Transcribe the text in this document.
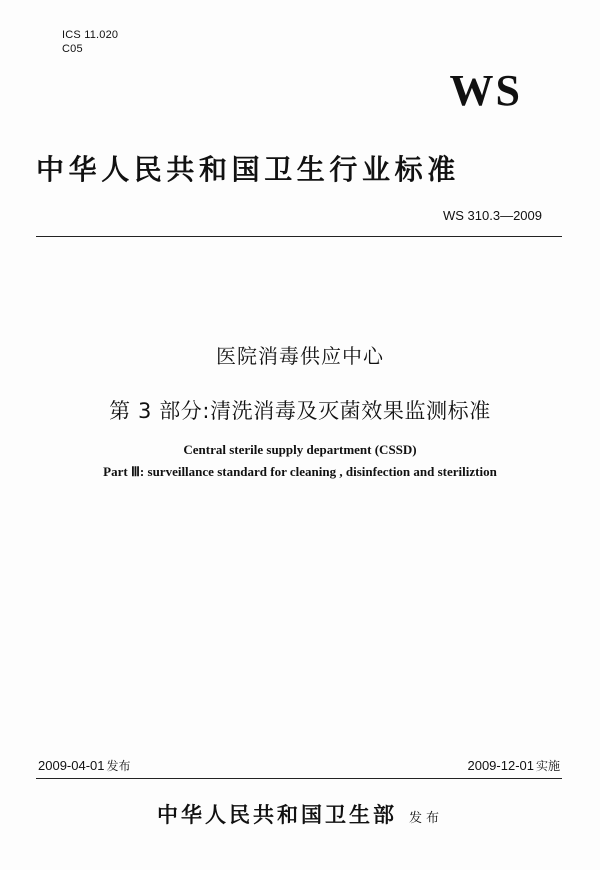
ICS 11.020
C05
WS
中华人民共和国卫生行业标准
WS 310.3—2009
医院消毒供应中心
第 3 部分:清洗消毒及灭菌效果监测标准
Central sterile supply department (CSSD)
Part Ⅲ: surveillance standard for cleaning , disinfection and steriliztion
2009-04-01 发布	2009-12-01 实施
中华人民共和国卫生部 发布
